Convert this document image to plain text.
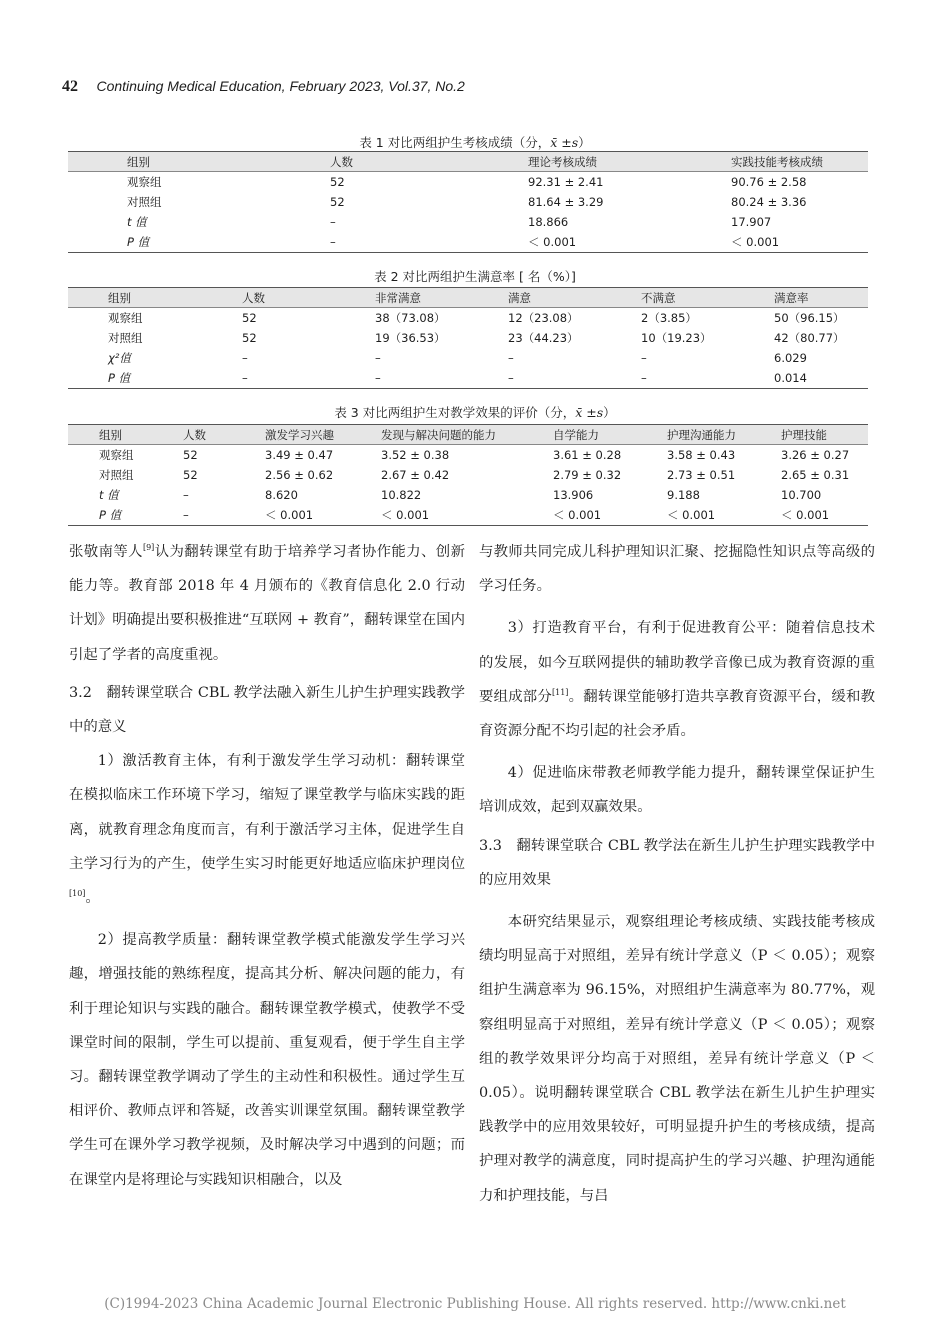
42 Continuing Medical Education, February 2023, Vol.37, No.2
表 1 对比两组护生考核成绩（分，x̄ ±s）
	组别	人数	理论考核成绩	实践技能考核成绩
	观察组	52	92.31 ± 2.41	90.76 ± 2.58
	对照组	52	81.64 ± 3.29	80.24 ± 3.36
	t 值	–	18.866	17.907
	P 值	–	＜ 0.001	＜ 0.001
表 2 对比两组护生满意率 [ 名（%）]
	组别	人数	非常满意	满意	不满意	满意率
	观察组	52	38（73.08）	12（23.08）	2（3.85）	50（96.15）
	对照组	52	19（36.53）	23（44.23）	10（19.23）	42（80.77）
	χ²值	–	–	–	–	6.029
	P 值	–	–	–	–	0.014
表 3 对比两组护生对教学效果的评价（分，x̄ ±s）
	组别	人数	激发学习兴趣	发现与解决问题的能力	自学能力	护理沟通能力	护理技能
	观察组	52	3.49 ± 0.47	3.52 ± 0.38	3.61 ± 0.28	3.58 ± 0.43	3.26 ± 0.27
	对照组	52	2.56 ± 0.62	2.67 ± 0.42	2.79 ± 0.32	2.73 ± 0.51	2.65 ± 0.31
	t 值	–	8.620	10.822	13.906	9.188	10.700
	P 值	–	＜ 0.001	＜ 0.001	＜ 0.001	＜ 0.001	＜ 0.001

张敬南等人[9]认为翻转课堂有助于培养学习者协作能力、创新能力等。教育部 2018 年 4 月颁布的《教育信息化 2.0 行动计划》明确提出要积极推进“互联网 + 教育”，翻转课堂在国内引起了学者的高度重视。

3.2　翻转课堂联合 CBL 教学法融入新生儿护生护理实践教学中的意义

1）激活教育主体，有利于激发学生学习动机：翻转课堂在模拟临床工作环境下学习，缩短了课堂教学与临床实践的距离，就教育理念角度而言，有利于激活学习主体，促进学生自主学习行为的产生，使学生实习时能更好地适应临床护理岗位[10]。

2）提高教学质量：翻转课堂教学模式能激发学生学习兴趣，增强技能的熟练程度，提高其分析、解决问题的能力，有利于理论知识与实践的融合。翻转课堂教学模式，使教学不受课堂时间的限制，学生可以提前、重复观看，便于学生自主学习。翻转课堂教学调动了学生的主动性和积极性。通过学生互相评价、教师点评和答疑，改善实训课堂氛围。翻转课堂教学学生可在课外学习教学视频，及时解决学习中遇到的问题；而在课堂内是将理论与实践知识相融合，以及

与教师共同完成儿科护理知识汇聚、挖掘隐性知识点等高级的学习任务。

3）打造教育平台，有利于促进教育公平：随着信息技术的发展，如今互联网提供的辅助教学音像已成为教育资源的重要组成部分[11]。翻转课堂能够打造共享教育资源平台，缓和教育资源分配不均引起的社会矛盾。

4）促进临床带教老师教学能力提升，翻转课堂保证护生培训成效，起到双赢效果。

3.3　翻转课堂联合 CBL 教学法在新生儿护生护理实践教学中的应用效果

本研究结果显示，观察组理论考核成绩、实践技能考核成绩均明显高于对照组，差异有统计学意义（P ＜ 0.05）；观察组护生满意率为 96.15%，对照组护生满意率为 80.77%，观察组明显高于对照组，差异有统计学意义（P ＜ 0.05）；观察组的教学效果评分均高于对照组，差异有统计学意义（P ＜ 0.05）。说明翻转课堂联合 CBL 教学法在新生儿护生护理实践教学中的应用效果较好，可明显提升护生的考核成绩，提高护理对教学的满意度，同时提高护生的学习兴趣、护理沟通能力和护理技能，与吕

(C)1994-2023 China Academic Journal Electronic Publishing House. All rights reserved. http://www.cnki.net
